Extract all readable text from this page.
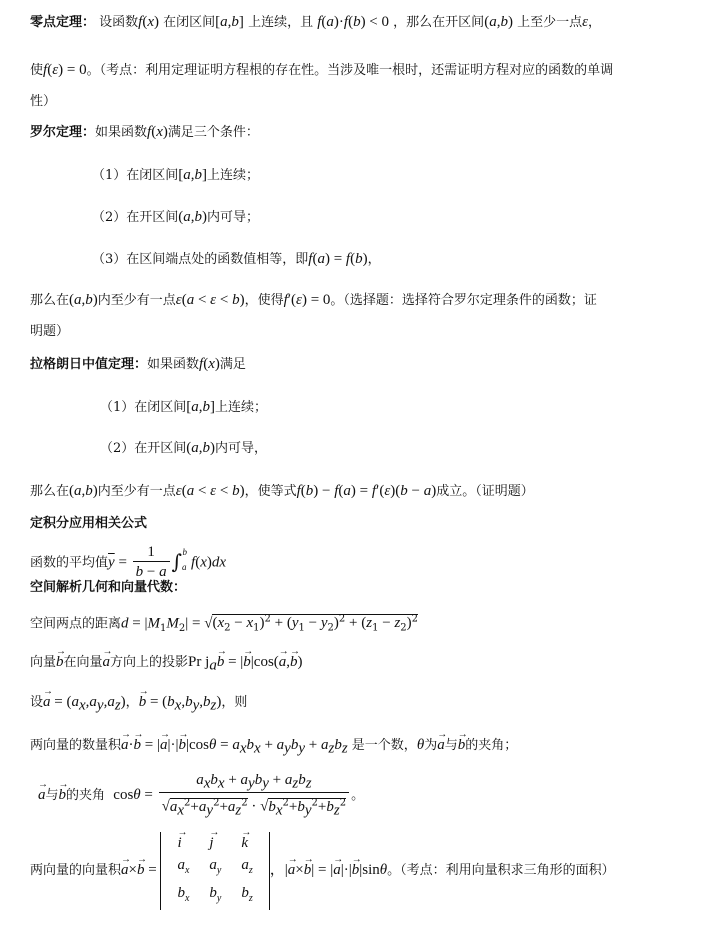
零点定理： 设函数f(x) 在闭区间[a,b] 上连续，且 f(a)·f(b) < 0 ，那么在开区间(a,b) 上至少一点ε，
使f(ε) = 0。（考点：利用定理证明方程根的存在性。当涉及唯一根时，还需证明方程对应的函数的单调
性）
罗尔定理：如果函数f(x)满足三个条件：
（1）在闭区间[a,b]上连续；
（2）在开区间(a,b)内可导；
（3）在区间端点处的函数值相等，即f(a) = f(b)，
那么在(a,b)内至少有一点ε(a < ε < b)，使得f′(ε) = 0。（选择题：选择符合罗尔定理条件的函数；证
明题）
拉格朗日中值定理：如果函数f(x)满足
（1）在闭区间[a,b]上连续；
（2）在开区间(a,b)内可导，
那么在(a,b)内至少有一点ε(a < ε < b)，使等式f(b) − f(a) = f′(ε)(b − a)成立。（证明题）
定积分应用相关公式
函数的平均值$\overline{y} = \frac{1}{b - a} \int_a^bf(x)dx$
空间解析几何和向量代数：
空间两点的距离$d = |M_1M_2| = √(x_2 - x_1)^2 + (y_1 - y_2)^2 + (z_1 - z_2)^2$
向量→ b在向量→ a方向上的投影Pr $j_a\to b$ = |→ b|cos(→ a,→ b)
设→ $a = (a_x,a_y,a_z)$，→ $b = (b_x,b_y,b_z)$，则
两向量的数量积→ a·→ b = |→ $a|\cdot|\to b|\cos\theta = a_xb_x + a_yb_y + a_zb_z$ 是一个数，θ为→ a与→ b的夹角；
→ a与→ b的夹角 $\cos\theta = \frac{a_xb_x + a_yb_y + a_zb_z}{√a_x^2+a_y^2+a_z^2 \cdot √b_x^2+b_y^2+b_z^2}$ 。
两向量的向量积→ a×→ b =
→ i	→ j	→ k
$a_x$	$a_y$	$a_z$
$b_x$	$b_y$	$b_z$
，|→ a×→ b| = |→ a|·|→ b|sinθ。（考点：利用向量积求三角形的面积）
